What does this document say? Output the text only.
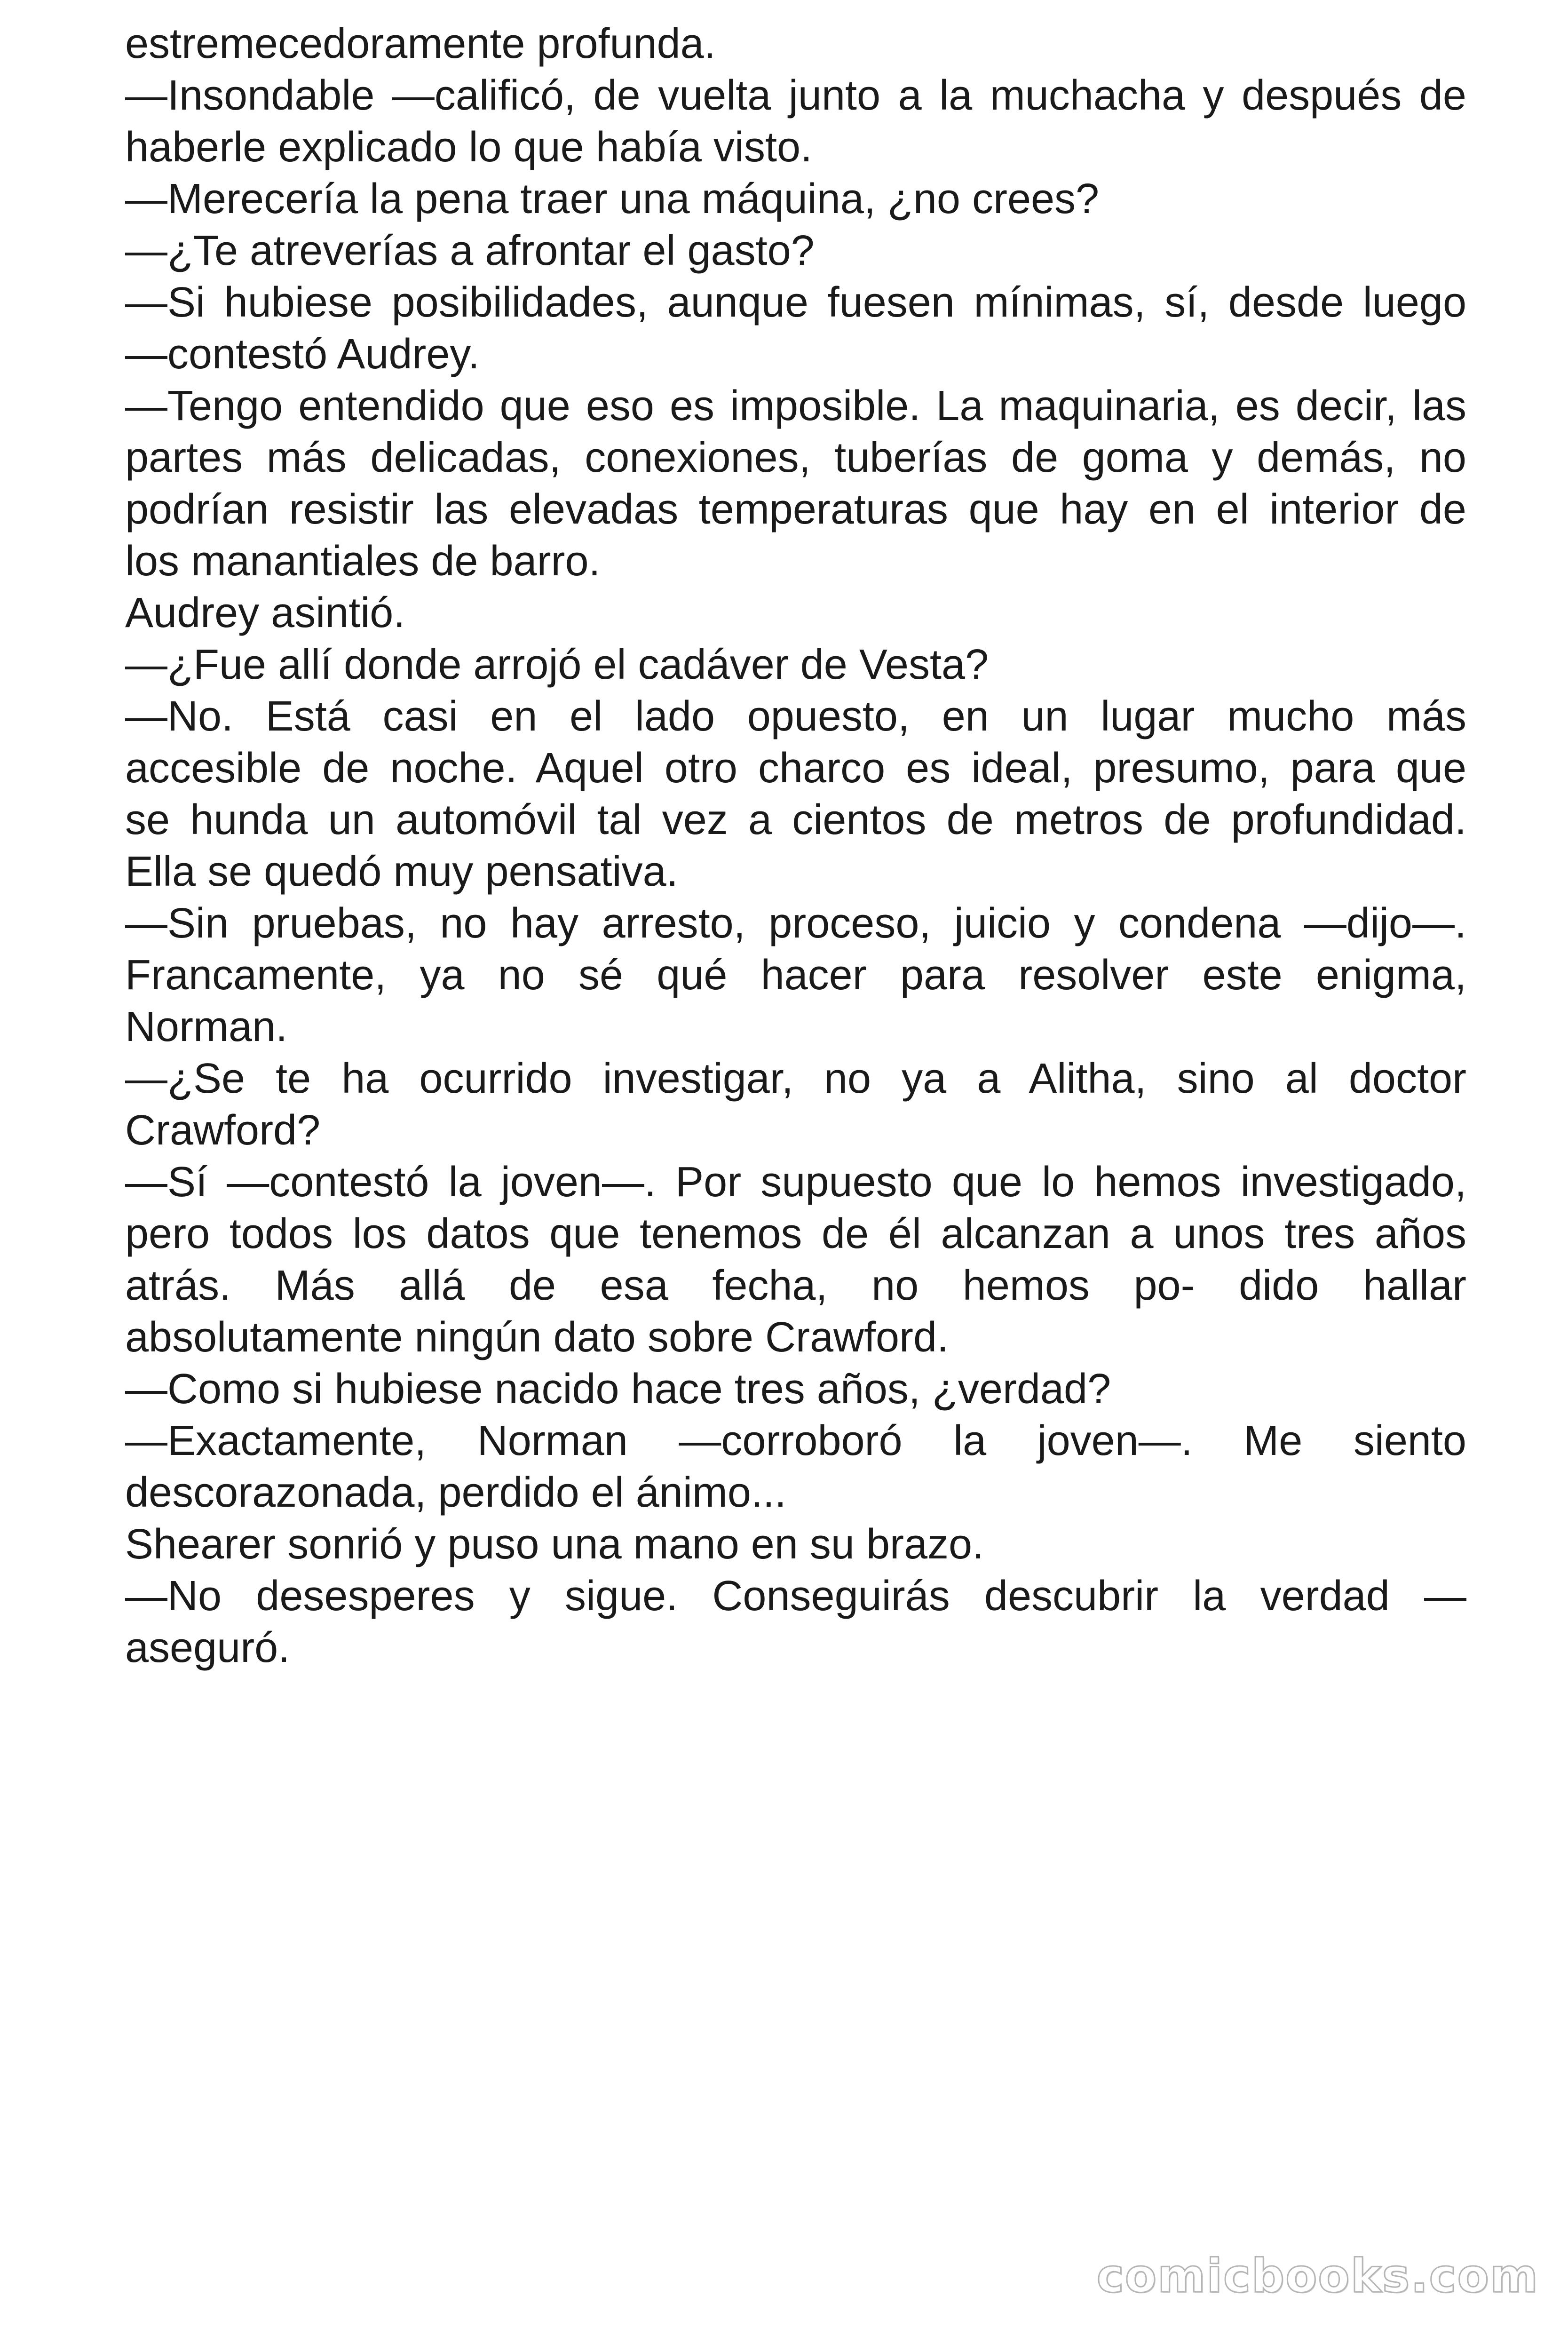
estremecedoramente profunda.

—Insondable —calificó, de vuelta junto a la muchacha y después de

haberle explicado lo que había visto.

—Merecería la pena traer una máquina, ¿no crees?

—¿Te atreverías a afrontar el gasto?

—Si hubiese posibilidades, aunque fuesen mínimas, sí, desde luego

—contestó Audrey.

—Tengo entendido que eso es imposible. La maquinaria, es decir, las

partes más delicadas, conexiones, tuberías de goma y demás, no

podrían resistir las elevadas temperaturas que hay en el interior de

los manantiales de barro.

Audrey asintió.

—¿Fue allí donde arrojó el cadáver de Vesta?

—No. Está casi en el lado opuesto, en un lugar mucho más

accesible de noche. Aquel otro charco es ideal, presumo, para que

se hunda un automóvil tal vez a cientos de metros de profundidad.

Ella se quedó muy pensativa.

—Sin pruebas, no hay arresto, proceso, juicio y condena —dijo—.

Francamente, ya no sé qué hacer para resolver este enigma,

Norman.

—¿Se te ha ocurrido investigar, no ya a Alitha, sino al doctor

Crawford?

—Sí —contestó la joven—. Por supuesto que lo hemos investigado,

pero todos los datos que tenemos de él alcanzan a unos tres años

atrás. Más allá de esa fecha, no hemos po- dido hallar

absolutamente ningún dato sobre Crawford.

—Como si hubiese nacido hace tres años, ¿verdad?

—Exactamente, Norman —corroboró la joven—. Me siento

descorazonada, perdido el ánimo...

Shearer sonrió y puso una mano en su brazo.

—No desesperes y sigue. Conseguirás descubrir la verdad —

aseguró.

comicbooks.com
